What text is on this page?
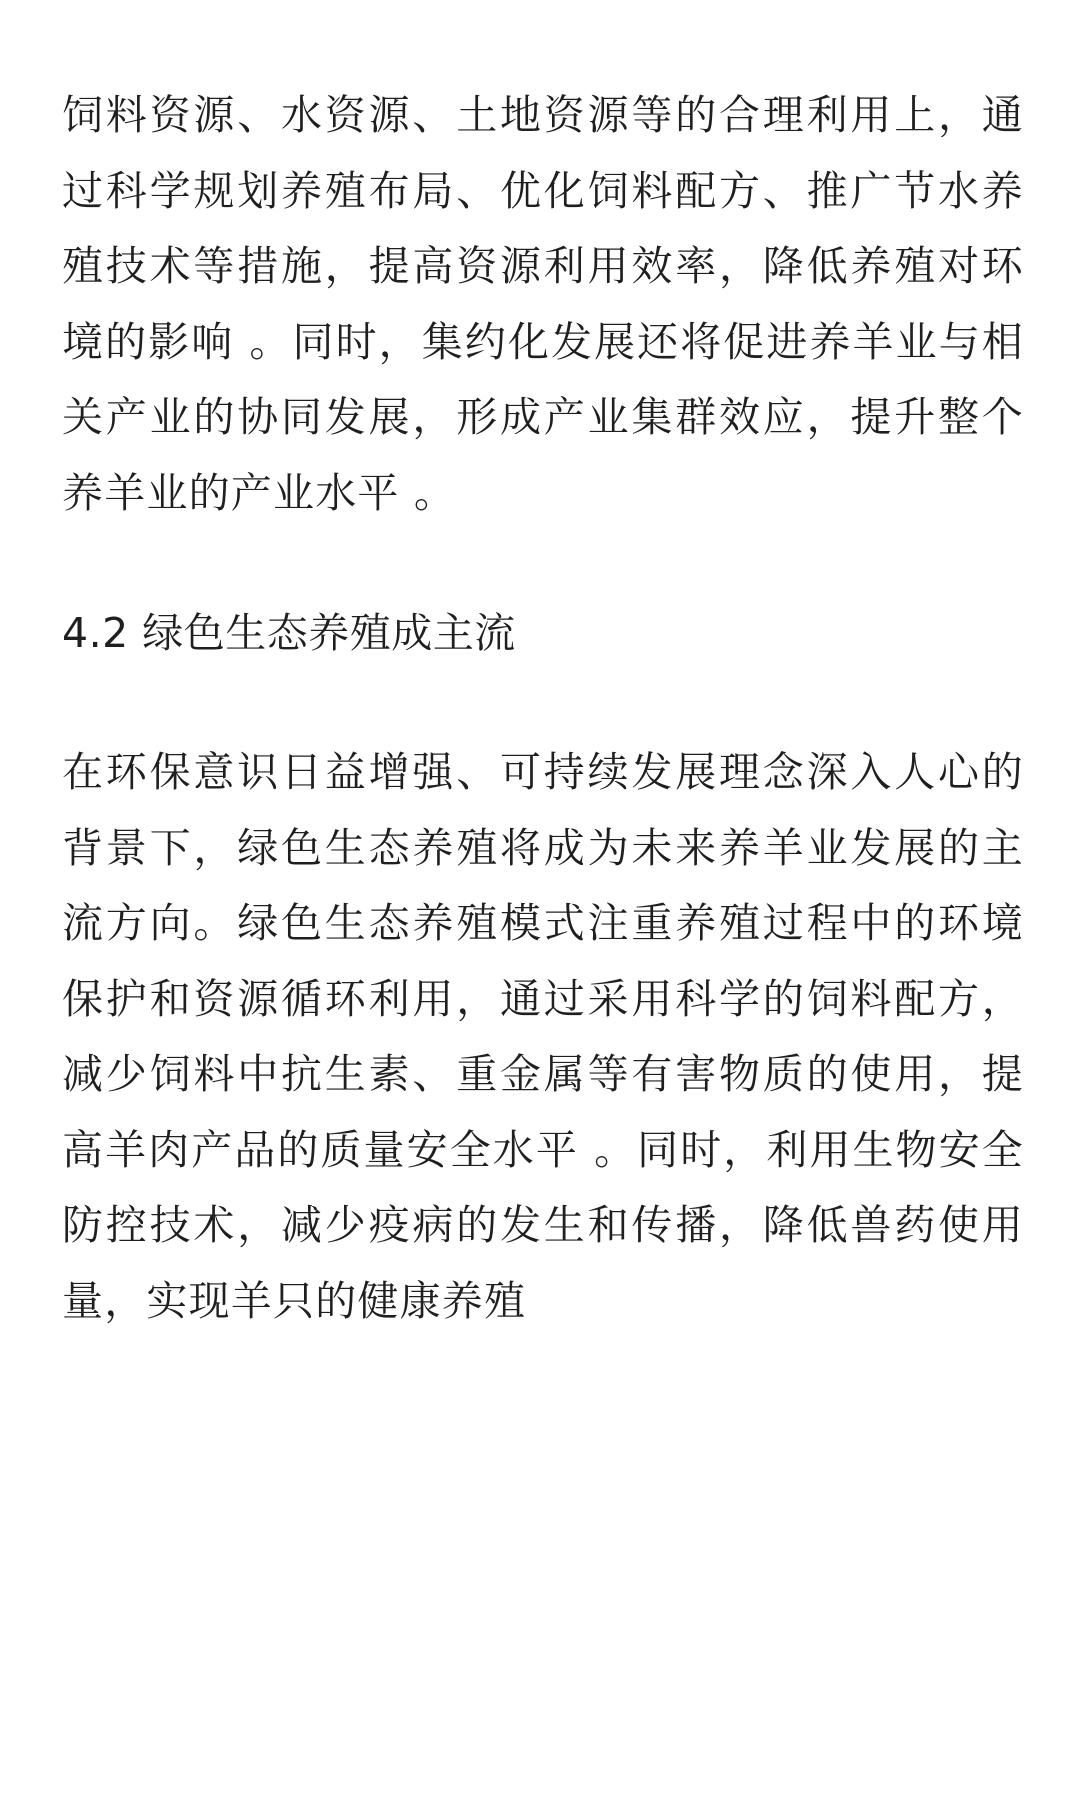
饲料资源、水资源、土地资源等的合理利用上，通过科学规划养殖布局、优化饲料配方、推广节水养殖技术等措施，提高资源利用效率，降低养殖对环境的影响 。同时，集约化发展还将促进养羊业与相关产业的协同发展，形成产业集群效应，提升整个养羊业的产业水平 。

4.2 绿色生态养殖成主流

在环保意识日益增强、可持续发展理念深入人心的背景下，绿色生态养殖将成为未来养羊业发展的主流方向。绿色生态养殖模式注重养殖过程中的环境保护和资源循环利用，通过采用科学的饲料配方，减少饲料中抗生素、重金属等有害物质的使用，提高羊肉产品的质量安全水平 。同时，利用生物安全防控技术，减少疫病的发生和传播，降低兽药使用量，实现羊只的健康养殖
